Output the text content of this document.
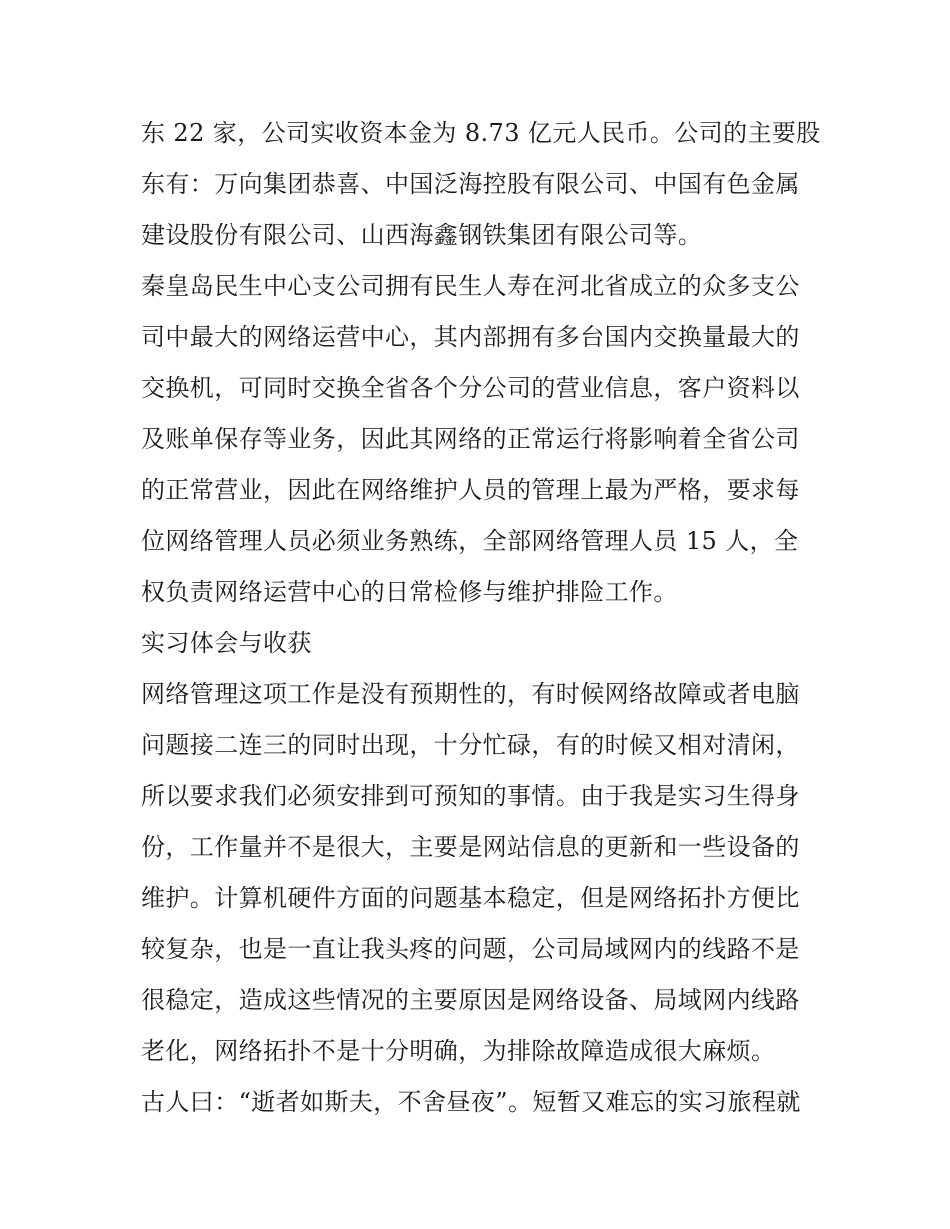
东 22 家，公司实收资本金为 8.73 亿元人民币。公司的主要股
东有：万向集团恭喜、中国泛海控股有限公司、中国有色金属
建设股份有限公司、山西海鑫钢铁集团有限公司等。
秦皇岛民生中心支公司拥有民生人寿在河北省成立的众多支公
司中最大的网络运营中心，其内部拥有多台国内交换量最大的
交换机，可同时交换全省各个分公司的营业信息，客户资料以
及账单保存等业务，因此其网络的正常运行将影响着全省公司
的正常营业，因此在网络维护人员的管理上最为严格，要求每
位网络管理人员必须业务熟练，全部网络管理人员 15 人，全
权负责网络运营中心的日常检修与维护排险工作。
实习体会与收获
网络管理这项工作是没有预期性的，有时候网络故障或者电脑
问题接二连三的同时出现，十分忙碌，有的时候又相对清闲，
所以要求我们必须安排到可预知的事情。由于我是实习生得身
份，工作量并不是很大，主要是网站信息的更新和一些设备的
维护。计算机硬件方面的问题基本稳定，但是网络拓扑方便比
较复杂，也是一直让我头疼的问题，公司局域网内的线路不是
很稳定，造成这些情况的主要原因是网络设备、局域网内线路
老化，网络拓扑不是十分明确，为排除故障造成很大麻烦。
古人曰：“逝者如斯夫，不舍昼夜”。短暂又难忘的实习旅程就
